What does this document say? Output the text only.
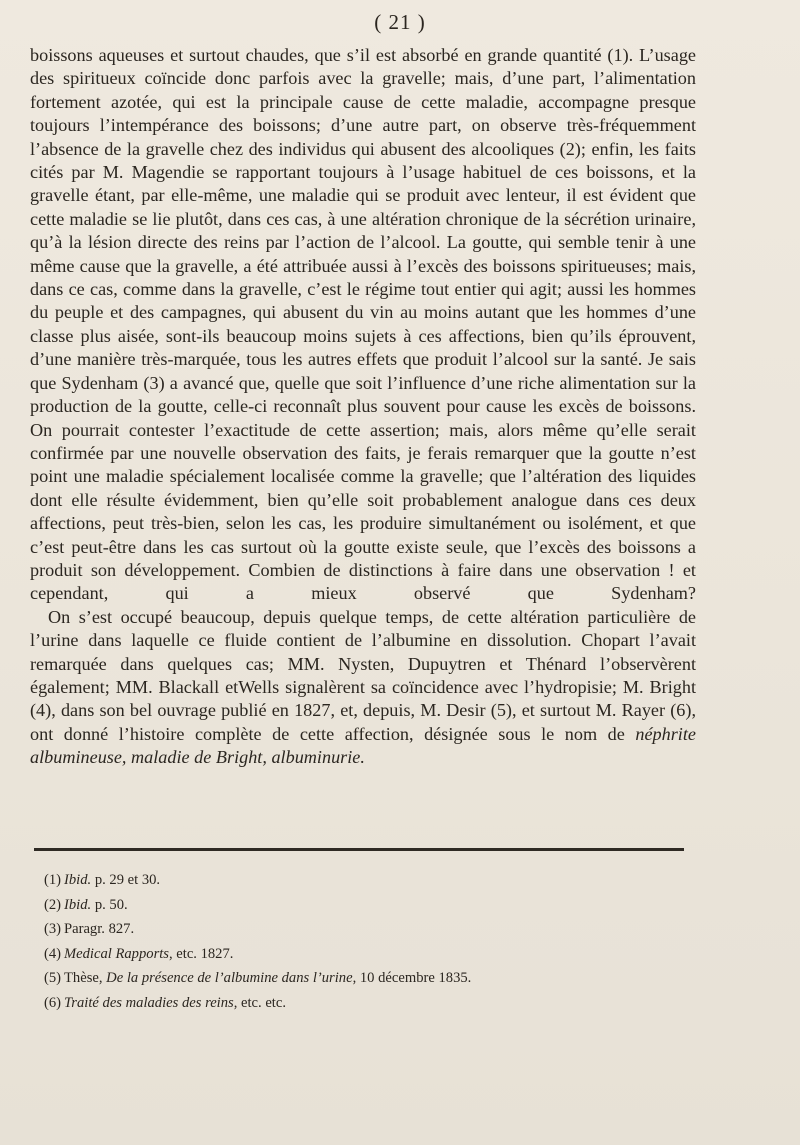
( 21 )

boissons aqueuses et surtout chaudes, que s’il est absorbé en grande quantité (1). L’usage des spiritueux coïncide donc parfois avec la gravelle; mais, d’une part, l’alimentation fortement azotée, qui est la principale cause de cette maladie, accompagne presque toujours l’intempérance des boissons; d’une autre part, on observe très-fréquemment l’absence de la gravelle chez des individus qui abusent des alcooliques (2); enfin, les faits cités par M. Magendie se rapportant toujours à l’usage habituel de ces boissons, et la gravelle étant, par elle-même, une maladie qui se produit avec lenteur, il est évident que cette maladie se lie plutôt, dans ces cas, à une altération chronique de la sécrétion urinaire, qu’à la lésion directe des reins par l’action de l’alcool. La goutte, qui semble tenir à une même cause que la gravelle, a été attribuée aussi à l’excès des boissons spiritueuses; mais, dans ce cas, comme dans la gravelle, c’est le régime tout entier qui agit; aussi les hommes du peuple et des campagnes, qui abusent du vin au moins autant que les hommes d’une classe plus aisée, sont-ils beaucoup moins sujets à ces affections, bien qu’ils éprouvent, d’une manière très-marquée, tous les autres effets que produit l’alcool sur la santé. Je sais que Sydenham (3) a avancé que, quelle que soit l’influence d’une riche alimentation sur la production de la goutte, celle-ci reconnaît plus souvent pour cause les excès de boissons. On pourrait contester l’exactitude de cette assertion; mais, alors même qu’elle serait confirmée par une nouvelle observation des faits, je ferais remarquer que la goutte n’est point une maladie spécialement localisée comme la gravelle; que l’altération des liquides dont elle résulte évidemment, bien qu’elle soit probablement analogue dans ces deux affections, peut très-bien, selon les cas, les produire simultanément ou isolément, et que c’est peut-être dans les cas surtout où la goutte existe seule, que l’excès des boissons a produit son développement. Combien de distinctions à faire dans une observation ! et cependant, qui a mieux observé que Sydenham?

On s’est occupé beaucoup, depuis quelque temps, de cette altération particulière de l’urine dans laquelle ce fluide contient de l’albumine en dissolution. Chopart l’avait remarquée dans quelques cas; MM. Nysten, Dupuytren et Thénard l’observèrent également; MM. Blackall etWells signalèrent sa coïncidence avec l’hydropisie; M. Bright (4), dans son bel ouvrage publié en 1827, et, depuis, M. Desir (5), et surtout M. Rayer (6), ont donné l’histoire complète de cette affection, désignée sous le nom de néphrite albumineuse, maladie de Bright, albuminurie.

(1) Ibid. p. 29 et 30.
(2) Ibid. p. 50.
(3) Paragr. 827.
(4) Medical Rapports, etc. 1827.
(5) Thèse, De la présence de l’albumine dans l’urine, 10 décembre 1835.
(6) Traité des maladies des reins, etc. etc.
